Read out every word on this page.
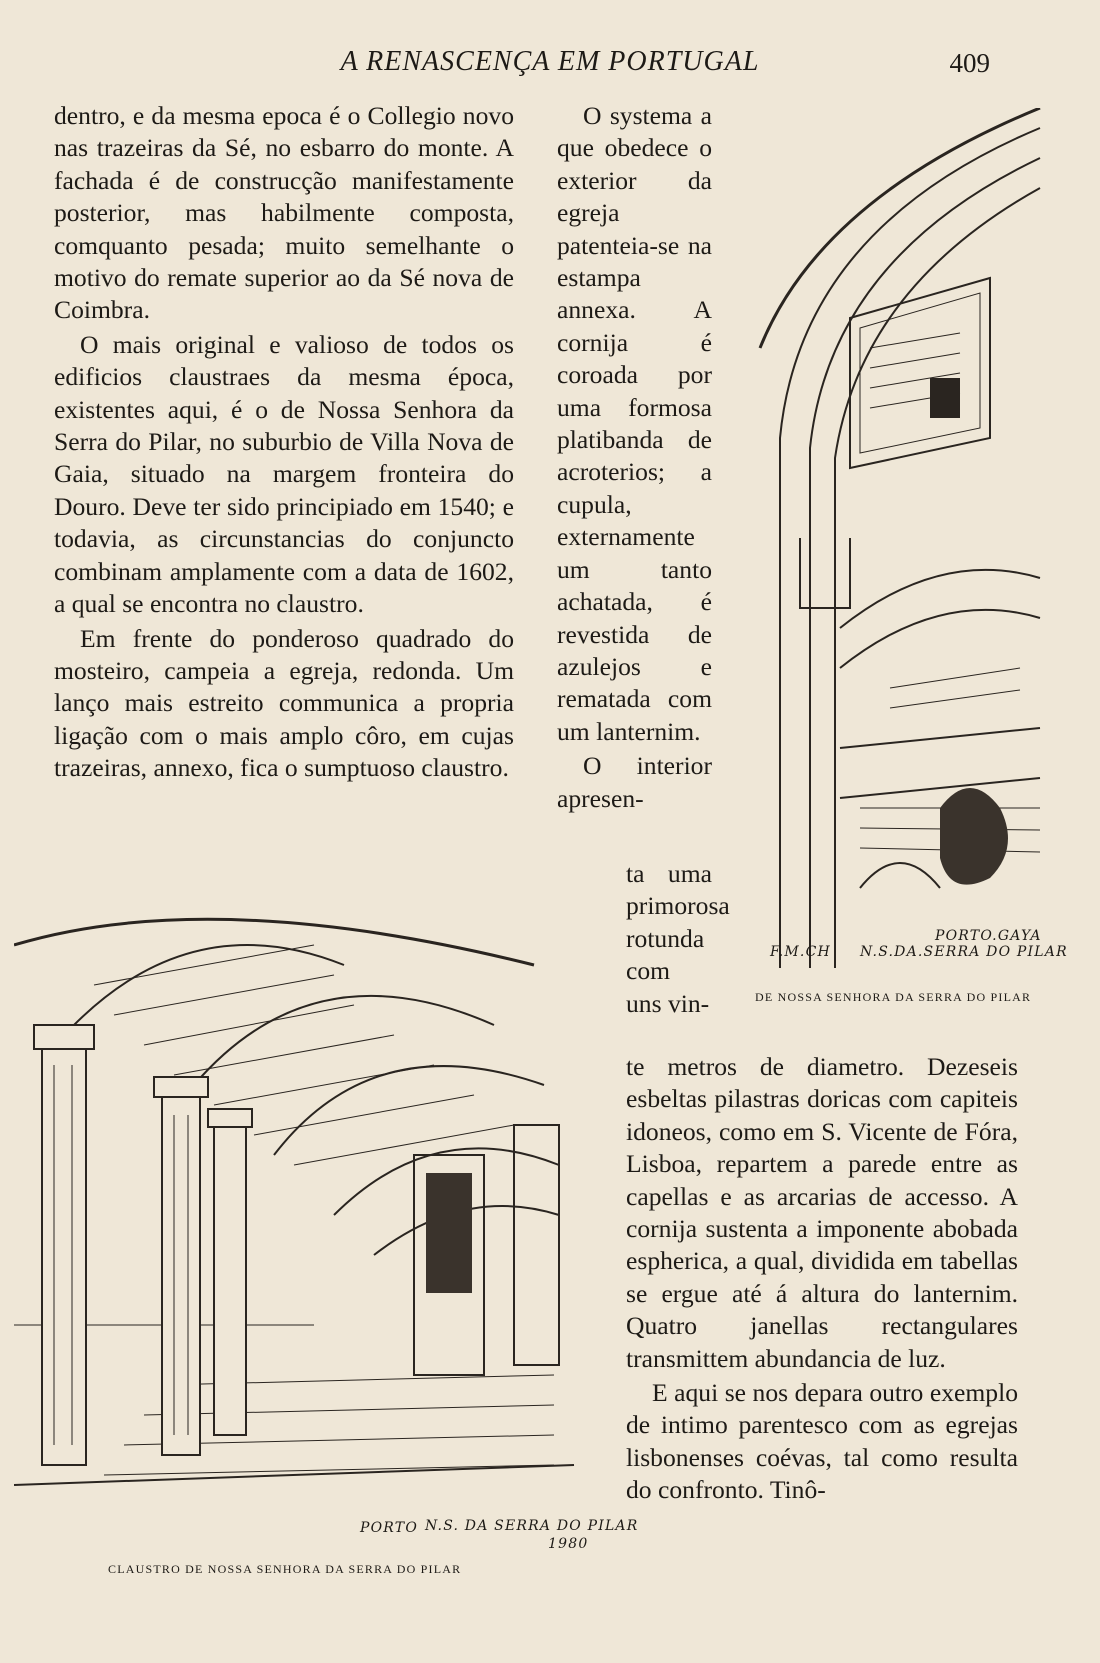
A RENASCENÇA EM PORTUGAL	409

dentro, e da mesma epoca é o Collegio novo nas trazeiras da Sé, no esbarro do monte. A fachada é de construcção manifestamente posterior, mas habilmente composta, comquanto pesada; muito semelhante o motivo do remate superior ao da Sé nova de Coimbra.

O mais original e valioso de todos os edificios claustraes da mesma época, existentes aqui, é o de Nossa Senhora da Serra do Pilar, no suburbio de Villa Nova de Gaia, situado na margem fronteira do Douro. Deve ter sido principiado em 1540; e todavia, as circunstancias do conjuncto combinam amplamente com a data de 1602, a qual se encontra no claustro.

Em frente do ponderoso quadrado do mosteiro, campeia a egreja, redonda. Um lanço mais estreito communica a propria ligação com o mais amplo côro, em cujas trazeiras, annexo, fica o sumptuoso claustro.

O systema a que obedece o exterior da egreja patenteia-se na estampa annexa. A cornija é coroada por uma formosa platibanda de acroterios; a cupula, externamente um tanto achatada, é revestida de azulejos e rematada com um lanternim.

O interior apresen-

ta uma primorosa rotunda com uns vin-

te metros de diametro. Dezeseis esbeltas pilastras doricas com capiteis idoneos, como em S. Vicente de Fóra, Lisboa, repartem a parede entre as capellas e as arcarias de accesso. A cornija sustenta a imponente abobada espherica, a qual, dividida em tabellas se ergue até á altura do lanternim. Quatro janellas rectangulares transmittem abundancia de luz.

E aqui se nos depara outro exemplo de intimo parentesco com as egrejas lisbonenses coévas, tal como resulta do confronto. Tinô-

F.M.CH N.S.DA.SERRA DO PILAR
PORTO.GAYA
DE NOSSA SENHORA DA SERRA DO PILAR
PORTO N.S. DA SERRA DO PILAR
1980
CLAUSTRO DE NOSSA SENHORA DA SERRA DO PILAR
